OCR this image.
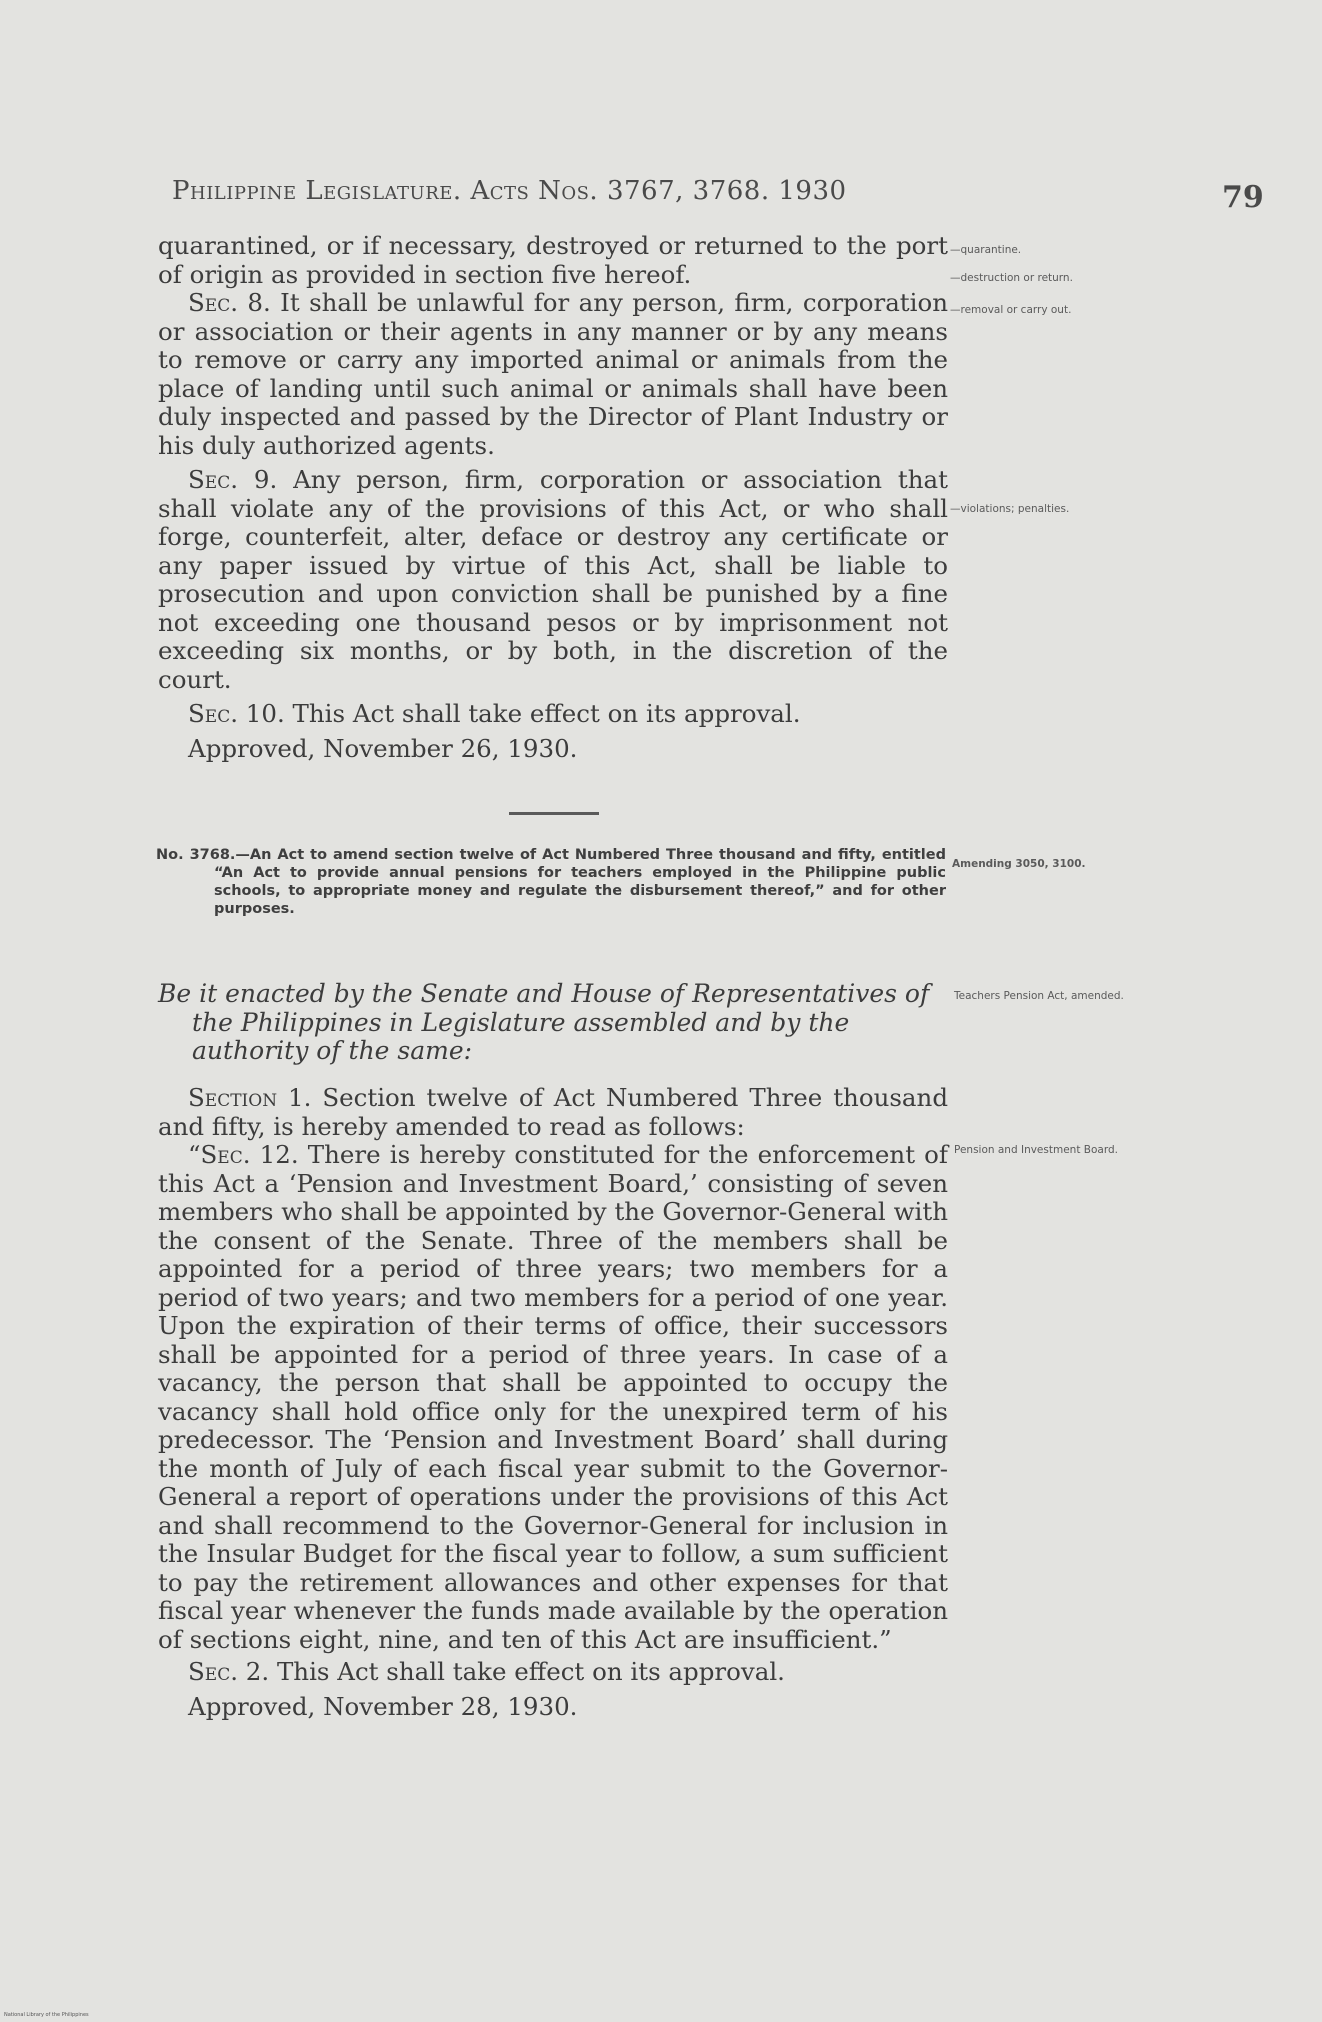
Philippine Legislature. Acts Nos. 3767, 3768. 1930	79

quarantined, or if necessary, destroyed or returned to the port of origin as provided in section five hereof.

Sec. 8. It shall be unlawful for any person, firm, corporation or association or their agents in any manner or by any means to remove or carry any imported animal or animals from the place of landing until such animal or animals shall have been duly inspected and passed by the Director of Plant Industry or his duly authorized agents.

Sec. 9. Any person, firm, corporation or association that shall violate any of the provisions of this Act, or who shall forge, counterfeit, alter, deface or destroy any certificate or any paper issued by virtue of this Act, shall be liable to prosecution and upon conviction shall be punished by a fine not exceeding one thousand pesos or by imprisonment not exceeding six months, or by both, in the discretion of the court.

Sec. 10. This Act shall take effect on its approval.

Approved, November 26, 1930.

No. 3768.—An Act to amend section twelve of Act Numbered Three thousand and fifty, entitled “An Act to provide annual pensions for teachers employed in the Philippine public schools, to appropriate money and regulate the disbursement thereof,” and for other purposes.
Be it enacted by the Senate and House of Representatives of the Philippines in Legislature assembled and by the authority of the same:

Section 1. Section twelve of Act Numbered Three thousand and fifty, is hereby amended to read as follows:

“Sec. 12. There is hereby constituted for the enforcement of this Act a ‘Pension and Investment Board,’ consisting of seven members who shall be appointed by the Governor-General with the consent of the Senate. Three of the members shall be appointed for a period of three years; two members for a period of two years; and two members for a period of one year. Upon the expiration of their terms of office, their successors shall be appointed for a period of three years. In case of a vacancy, the person that shall be appointed to occupy the vacancy shall hold office only for the unexpired term of his predecessor. The ‘Pension and Investment Board’ shall during the month of July of each fiscal year submit to the Governor-General a report of operations under the provisions of this Act and shall recommend to the Governor-General for inclusion in the Insular Budget for the fiscal year to follow, a sum sufficient to pay the retirement allowances and other expenses for that fiscal year whenever the funds made available by the operation of sections eight, nine, and ten of this Act are insufficient.”

Sec. 2. This Act shall take effect on its approval.

Approved, November 28, 1930.

—quarantine.
—destruction or return.
—removal or carry out.
—violations; penalties.
Amending 3050, 3100.
Teachers Pension Act, amended.
Pension and Investment Board.
National Library of the Philippines
